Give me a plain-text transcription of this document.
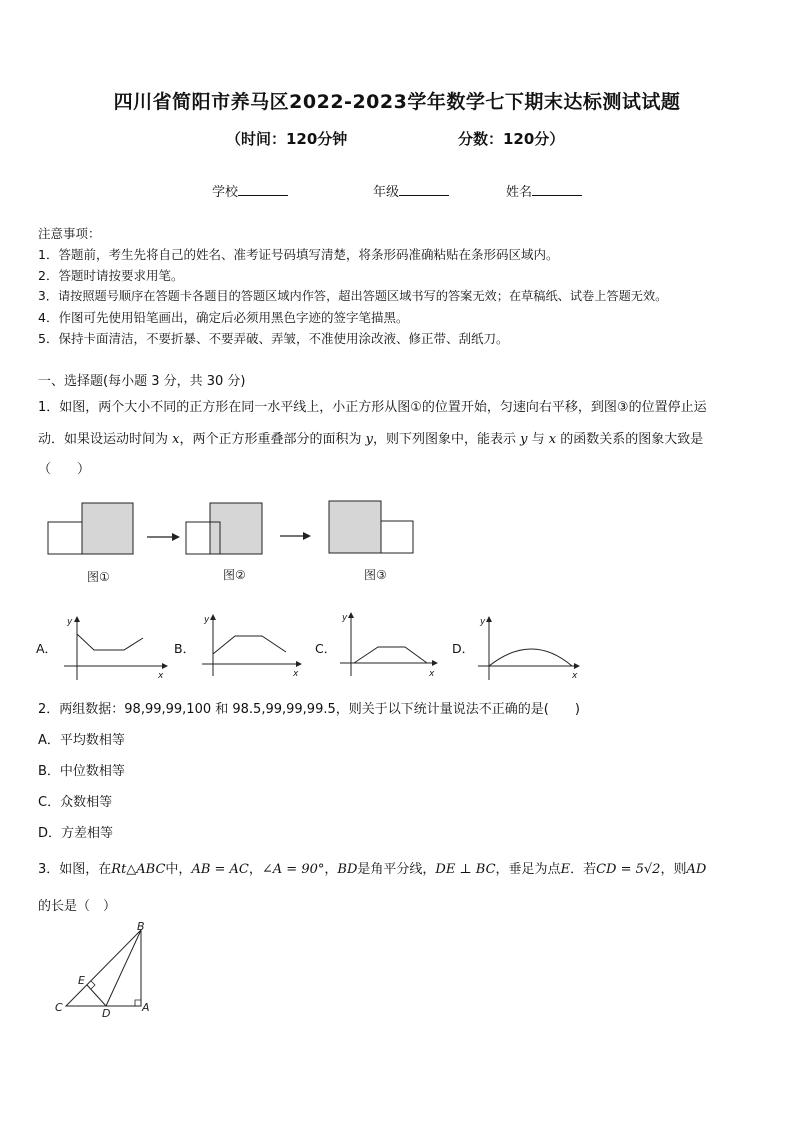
四川省简阳市养马区2022-2023学年数学七下期末达标测试试题
（时间：120分钟	分数：120分）
学校	年级	姓名
注意事项：
1．答题前，考生先将自己的姓名、准考证号码填写清楚，将条形码准确粘贴在条形码区域内。
2．答题时请按要求用笔。
3．请按照题号顺序在答题卡各题目的答题区域内作答，超出答题区域书写的答案无效；在草稿纸、试卷上答题无效。
4．作图可先使用铅笔画出，确定后必须用黑色字迹的签字笔描黑。
5．保持卡面清洁，不要折暴、不要弄破、弄皱，不准使用涂改液、修正带、刮纸刀。
一、选择题(每小题 3 分，共 30 分)
1．如图，两个大小不同的正方形在同一水平线上，小正方形从图①的位置开始，匀速向右平移，到图③的位置停止运
动．如果设运动时间为 x，两个正方形重叠部分的面积为 y，则下列图象中，能表示 y 与 x 的函数关系的图象大致是
（　　）
图①	图②	图③
A．
y
x
B．
y
x
C．
y
x
D．
y
x
2．两组数据：98,99,99,100 和 98.5,99,99,99.5，则关于以下统计量说法不正确的是(　　)
A．平均数相等
B．中位数相等
C．众数相等
D．方差相等
3．如图，在Rt△ABC中，AB = AC，∠A = 90°，BD是角平分线，DE ⊥ BC，垂足为点E．若CD = 5√2，则AD
的长是（　）
B
E
C	D	A
